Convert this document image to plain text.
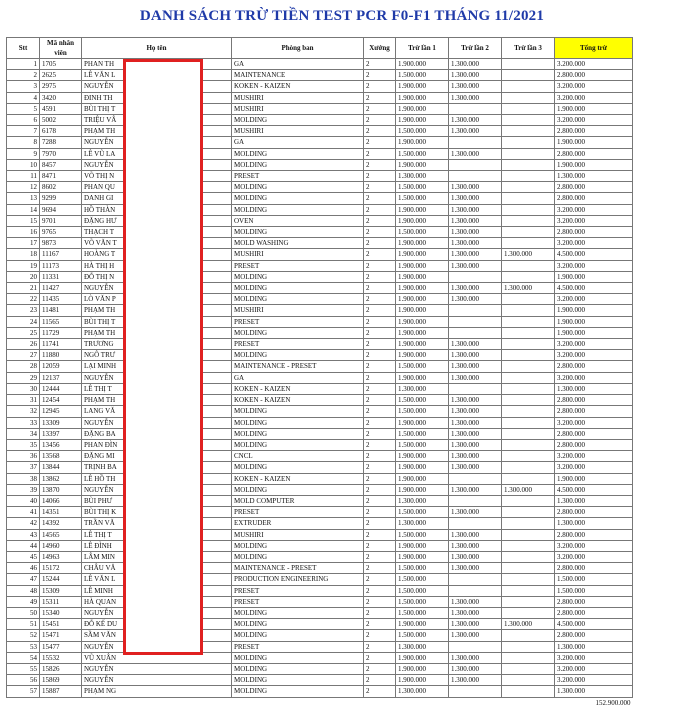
DANH SÁCH TRỪ TIỀN TEST PCR F0-F1 THÁNG 11/2021
Stt	Mã nhân viên	Họ tên	Phòng ban	Xưởng	Trừ lần 1	Trừ lần 2	Trừ lần 3	Tổng trừ
1	1705	PHAN TH	GA	2	1.900.000	1.300.000		3.200.000
2	2625	LÊ VĂN L	MAINTENANCE	2	1.500.000	1.300.000		2.800.000
3	2975	NGUYỄN	KOKEN - KAIZEN	2	1.900.000	1.300.000		3.200.000
4	3420	ĐINH TH	MUSHIRI	2	1.900.000	1.300.000		3.200.000
5	4591	BÙI THỊ T	MUSHIRI	2	1.900.000			1.900.000
6	5002	TRIỆU VÂ	MOLDING	2	1.900.000	1.300.000		3.200.000
7	6178	PHẠM TH	MUSHIRI	2	1.500.000	1.300.000		2.800.000
8	7288	NGUYỄN	GA	2	1.900.000			1.900.000
9	7970	LÊ VŨ LA	MOLDING	2	1.500.000	1.300.000		2.800.000
10	8457	NGUYỄN	MOLDING	2	1.900.000			1.900.000
11	8471	VÕ THỊ N	PRESET	2	1.300.000			1.300.000
12	8602	PHAN QU	MOLDING	2	1.500.000	1.300.000		2.800.000
13	9299	DANH GI	MOLDING	2	1.500.000	1.300.000		2.800.000
14	9694	HỒ THÀN	MOLDING	2	1.900.000	1.300.000		3.200.000
15	9701	ĐẶNG HƯ	OVEN	2	1.900.000	1.300.000		3.200.000
16	9765	THẠCH T	MOLDING	2	1.500.000	1.300.000		2.800.000
17	9873	VÕ VĂN T	MOLD WASHING	2	1.900.000	1.300.000		3.200.000
18	11167	HOÀNG T	MUSHIRI	2	1.900.000	1.300.000	1.300.000	4.500.000
19	11173	HÀ THỊ H	PRESET	2	1.900.000	1.300.000		3.200.000
20	11331	ĐỖ THỊ N	MOLDING	2	1.900.000			1.900.000
21	11427	NGUYỄN	MOLDING	2	1.900.000	1.300.000	1.300.000	4.500.000
22	11435	LÒ VĂN P	MOLDING	2	1.900.000	1.300.000		3.200.000
23	11481	PHẠM TH	MUSHIRI	2	1.900.000			1.900.000
24	11565	BÙI THỊ T	PRESET	2	1.900.000			1.900.000
25	11729	PHẠM TH	MOLDING	2	1.900.000			1.900.000
26	11741	TRƯƠNG	PRESET	2	1.900.000	1.300.000		3.200.000
27	11880	NGÔ TRƯ	MOLDING	2	1.900.000	1.300.000		3.200.000
28	12059	LẠI MINH	MAINTENANCE - PRESET	2	1.500.000	1.300.000		2.800.000
29	12137	NGUYỄN	GA	2	1.900.000	1.300.000		3.200.000
30	12444	LÊ THỊ T	KOKEN - KAIZEN	2	1.300.000			1.300.000
31	12454	PHẠM TH	KOKEN - KAIZEN	2	1.500.000	1.300.000		2.800.000
32	12945	LANG VĂ	MOLDING	2	1.500.000	1.300.000		2.800.000
33	13309	NGUYỄN	MOLDING	2	1.900.000	1.300.000		3.200.000
34	13397	ĐẶNG BA	MOLDING	2	1.500.000	1.300.000		2.800.000
35	13456	PHAN ĐÌN	MOLDING	2	1.500.000	1.300.000		2.800.000
36	13568	ĐẶNG MI	CNCL	2	1.900.000	1.300.000		3.200.000
37	13844	TRỊNH BA	MOLDING	2	1.900.000	1.300.000		3.200.000
38	13862	LÊ HỒ TH	KOKEN - KAIZEN	2	1.900.000			1.900.000
39	13870	NGUYỄN	MOLDING	2	1.900.000	1.300.000	1.300.000	4.500.000
40	14066	BÙI PHƯ	MOLD COMPUTER	2	1.300.000			1.300.000
41	14351	BÙI THỊ K	PRESET	2	1.500.000	1.300.000		2.800.000
42	14392	TRẦN VĂ	EXTRUDER	2	1.300.000			1.300.000
43	14565	LÊ THỊ T	MUSHIRI	2	1.500.000	1.300.000		2.800.000
44	14960	LÊ ĐÌNH	MOLDING	2	1.900.000	1.300.000		3.200.000
45	14963	LÂM MIN	MOLDING	2	1.900.000	1.300.000		3.200.000
46	15172	CHÂU VĂ	MAINTENANCE - PRESET	2	1.500.000	1.300.000		2.800.000
47	15244	LÊ VĂN L	PRODUCTION ENGINEERING	2	1.500.000			1.500.000
48	15309	LÊ MINH	PRESET	2	1.500.000			1.500.000
49	15311	HÀ QUAN	PRESET	2	1.500.000	1.300.000		2.800.000
50	15340	NGUYỄN	MOLDING	2	1.500.000	1.300.000		2.800.000
51	15451	ĐỖ KẾ DU	MOLDING	2	1.900.000	1.300.000	1.300.000	4.500.000
52	15471	SẦM VĂN	MOLDING	2	1.500.000	1.300.000		2.800.000
53	15477	NGUYỄN	PRESET	2	1.300.000			1.300.000
54	15532	VŨ XUÂN	MOLDING	2	1.900.000	1.300.000		3.200.000
55	15826	NGUYỄN	MOLDING	2	1.900.000	1.300.000		3.200.000
56	15869	NGUYỄN	MOLDING	2	1.900.000	1.300.000		3.200.000
57	15887	PHẠM NG	MOLDING	2	1.300.000			1.300.000
								152.900.000
